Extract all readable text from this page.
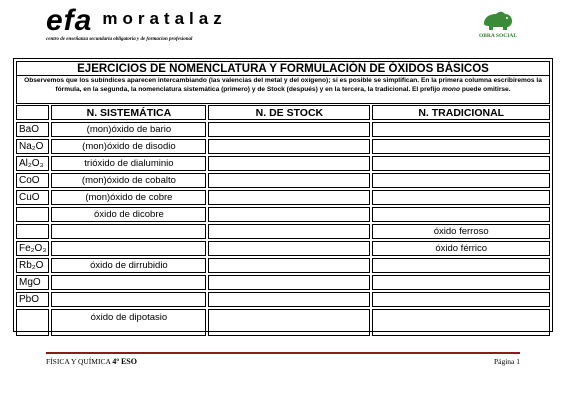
efa moratalaz
centro de enseñanza secundaria obligatoria y de formacion profesional
OBRA SOCIAL
EJERCICIOS DE NOMENCLATURA Y FORMULACIÓN DE ÓXIDOS BÁSICOS
Observemos que los subíndices aparecen intercambiando (las valencias del metal y del oxígeno); si es posible se simplifican. En la primera columna escribiremos la fórmula, en la segunda, la nomenclatura sistemática (primero) y de Stock (después) y en la tercera, la tradicional. El prefijo mono puede omitirse.
	N. SISTEMÁTICA	N. DE STOCK	N. TRADICIONAL
BaO	(mon)óxido de bario		
Na₂O	(mon)óxido de disodio		
Al₂O₃	trióxido de dialuminio		
CoO	(mon)óxido de cobalto		
CuO	(mon)óxido de cobre		
	óxido de dicobre		
			óxido ferroso
Fe₂O₃			óxido férrico
Rb₂O	óxido de dirrubidio		
MgO			
PbO			
	óxido de dipotasio		
FÍSICA Y QUÍMICA 4º ESO	Página 1
